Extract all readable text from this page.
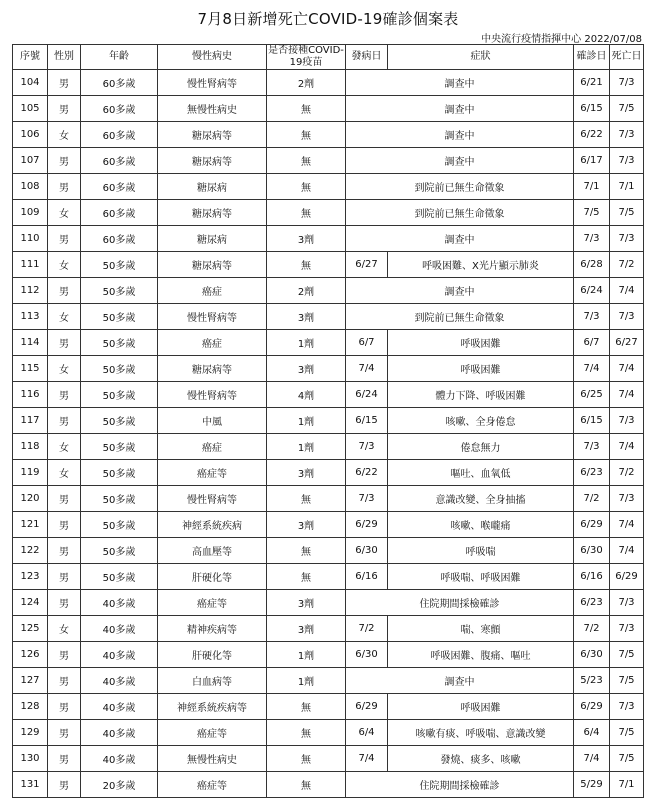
7月8日新增死亡COVID-19確診個案表
中央流行疫情指揮中心 2022/07/08
序號	性別	年齡	慢性病史	是否接種COVID-19疫苗	發病日	症狀	確診日	死亡日
104	男	60多歲	慢性腎病等	2劑	調查中		6/21	7/3
105	男	60多歲	無慢性病史	無	調查中		6/15	7/5
106	女	60多歲	糖尿病等	無	調查中		6/22	7/3
107	男	60多歲	糖尿病等	無	調查中		6/17	7/3
108	男	60多歲	糖尿病	無	到院前已無生命徵象		7/1	7/1
109	女	60多歲	糖尿病等	無	到院前已無生命徵象		7/5	7/5
110	男	60多歲	糖尿病	3劑	調查中		7/3	7/3
111	女	50多歲	糖尿病等	無	6/27	呼吸困難、X光片顯示肺炎	6/28	7/2
112	男	50多歲	癌症	2劑	調查中		6/24	7/4
113	女	50多歲	慢性腎病等	3劑	到院前已無生命徵象		7/3	7/3
114	男	50多歲	癌症	1劑	6/7	呼吸困難	6/7	6/27
115	女	50多歲	糖尿病等	3劑	7/4	呼吸困難	7/4	7/4
116	男	50多歲	慢性腎病等	4劑	6/24	體力下降、呼吸困難	6/25	7/4
117	男	50多歲	中風	1劑	6/15	咳嗽、全身倦怠	6/15	7/3
118	女	50多歲	癌症	1劑	7/3	倦怠無力	7/3	7/4
119	女	50多歲	癌症等	3劑	6/22	嘔吐、血氧低	6/23	7/2
120	男	50多歲	慢性腎病等	無	7/3	意識改變、全身抽搐	7/2	7/3
121	男	50多歲	神經系統疾病	3劑	6/29	咳嗽、喉嚨痛	6/29	7/4
122	男	50多歲	高血壓等	無	6/30	呼吸喘	6/30	7/4
123	男	50多歲	肝硬化等	無	6/16	呼吸喘、呼吸困難	6/16	6/29
124	男	40多歲	癌症等	3劑	住院期間採檢確診		6/23	7/3
125	女	40多歲	精神疾病等	3劑	7/2	喘、寒顫	7/2	7/3
126	男	40多歲	肝硬化等	1劑	6/30	呼吸困難、腹痛、嘔吐	6/30	7/5
127	男	40多歲	白血病等	1劑	調查中		5/23	7/5
128	男	40多歲	神經系統疾病等	無	6/29	呼吸困難	6/29	7/3
129	男	40多歲	癌症等	無	6/4	咳嗽有痰、呼吸喘、意識改變	6/4	7/5
130	男	40多歲	無慢性病史	無	7/4	發燒、痰多、咳嗽	7/4	7/5
131	男	20多歲	癌症等	無	住院期間採檢確診		5/29	7/1
